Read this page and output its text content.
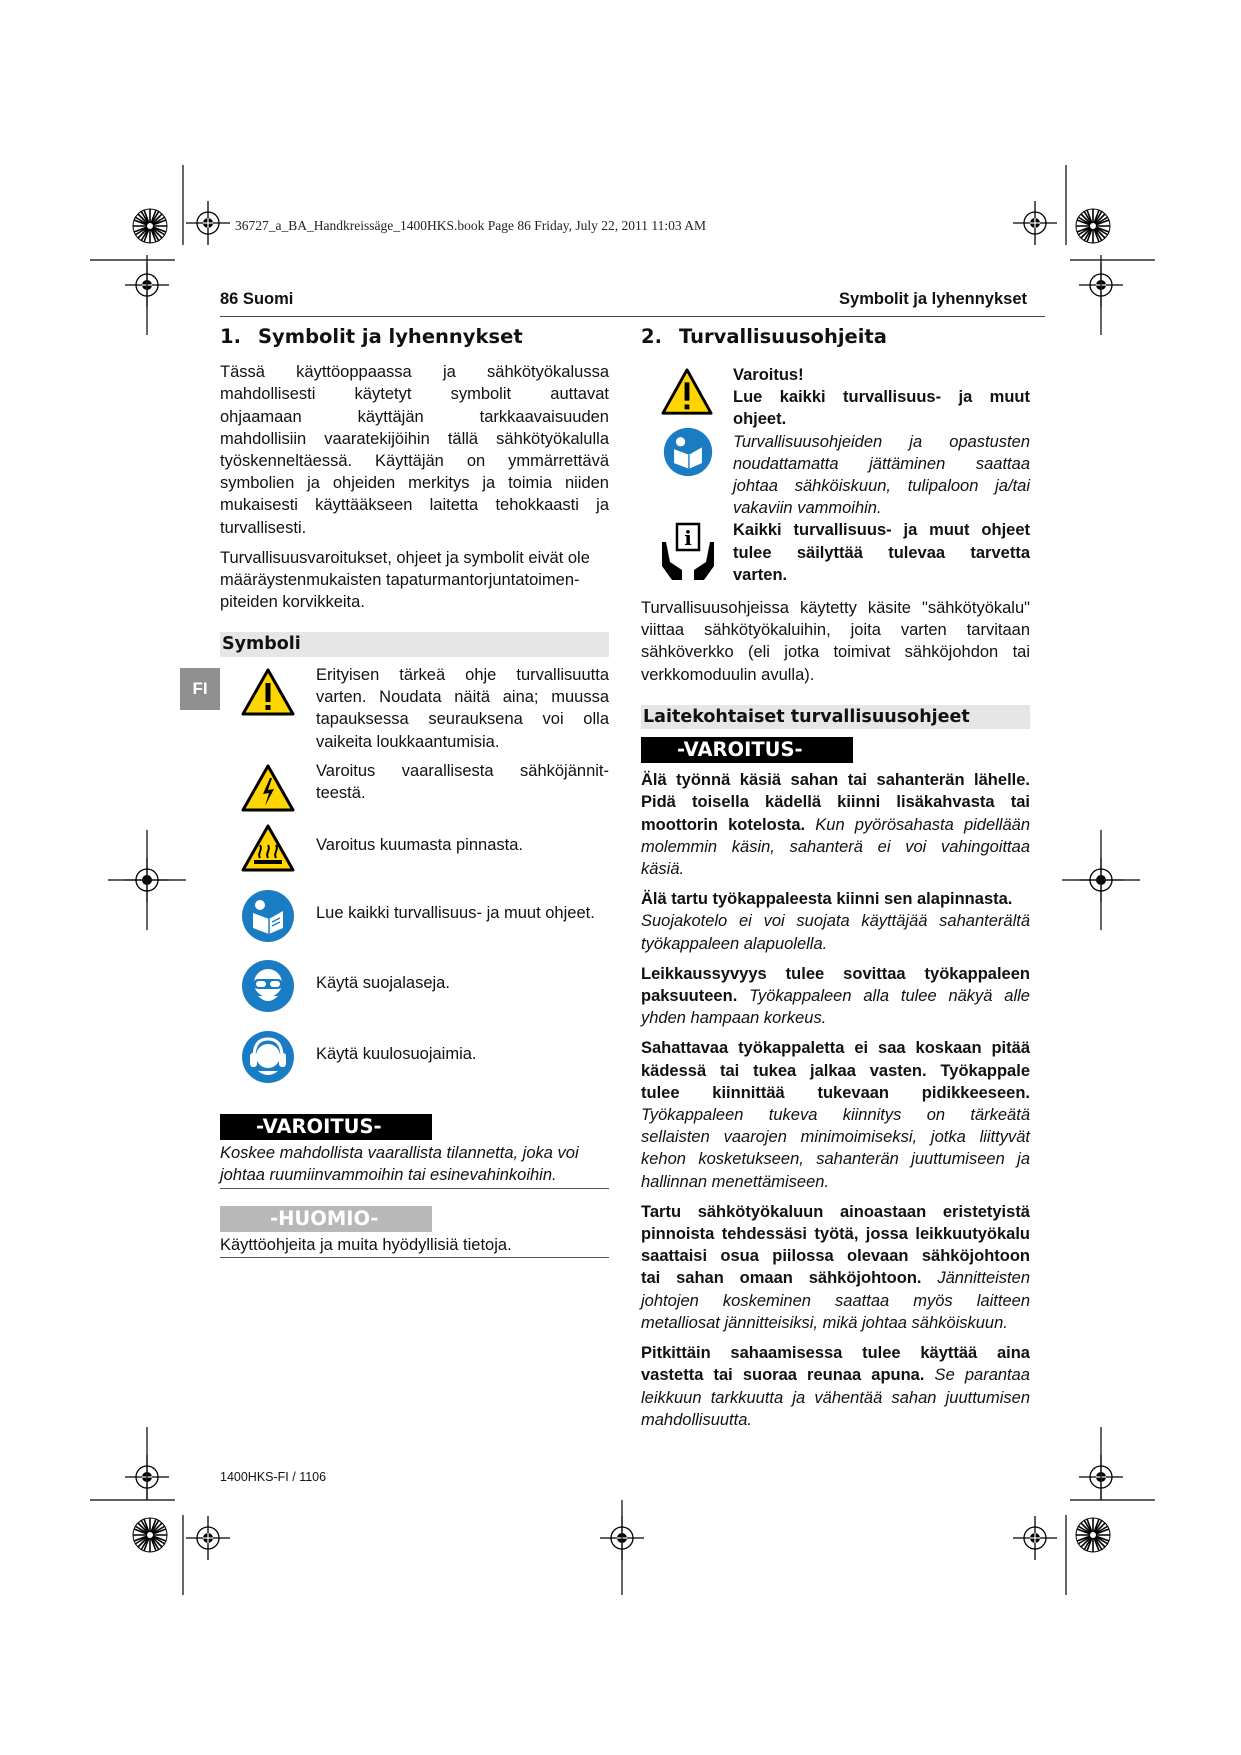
36727_a_BA_Handkreissäge_1400HKS.book Page 86 Friday, July 22, 2011 11:03 AM
86 Suomi	Symbolit ja lyhennykset
FI
1. Symbolit ja lyhennykset
Tässä käyttöoppaassa ja sähkötyökalussa
mahdollisesti käytetyt symbolit auttavat
ohjaamaan käyttäjän tarkkaavaisuuden
mahdollisiin vaaratekijöihin tällä sähkötyökalulla
työskenneltäessä. Käyttäjän on ymmärrettävä
symbolien ja ohjeiden merkitys ja toimia niiden
mukaisesti käyttääkseen laitetta tehokkaasti ja
turvallisesti.
Turvallisuusvaroitukset, ohjeet ja symbolit eivät ole
määräystenmukaisten tapaturmantorjuntatoimen-
piteiden korvikkeita.
Symboli
Erityisen tärkeä ohje turvallisuutta
varten. Noudata näitä aina; muussa
tapauksessa seurauksena voi olla
vaikeita loukkaantumisia.
Varoitus vaarallisesta sähköjännit-
teestä.
Varoitus kuumasta pinnasta.
Lue kaikki turvallisuus- ja muut ohjeet.
Käytä suojalaseja.
Käytä kuulosuojaimia.
-VAROITUS-
Koskee mahdollista vaarallista tilannetta, joka voi
johtaa ruumiinvammoihin tai esinevahinkoihin.
-HUOMIO-
Käyttöohjeita ja muita hyödyllisiä tietoja.
2. Turvallisuusohjeita
i
Varoitus!
Lue kaikki turvallisuus- ja muut
ohjeet.
Turvallisuusohjeiden ja opastusten
noudattamatta jättäminen saattaa
johtaa sähköiskuun, tulipaloon ja/tai
vakaviin vammoihin.
Kaikki turvallisuus- ja muut ohjeet
tulee säilyttää tulevaa tarvetta
varten.
Turvallisuusohjeissa käytetty käsite "sähkötyökalu"
viittaa sähkötyökaluihin, joita varten tarvitaan
sähköverkko (eli jotka toimivat sähköjohdon tai
verkkomoduulin avulla).
Laitekohtaiset turvallisuusohjeet
-VAROITUS-
Älä työnnä käsiä sahan tai sahanterän lähelle.
Pidä toisella kädellä kiinni lisäkahvasta tai
moottorin kotelosta. Kun pyörösahasta pidellään
molemmin käsin, sahanterä ei voi vahingoittaa
käsiä.
Älä tartu työkappaleesta kiinni sen alapinnasta.
Suojakotelo ei voi suojata käyttäjää sahanterältä
työkappaleen alapuolella.
Leikkaussyvyys tulee sovittaa työkappaleen
paksuuteen. Työkappaleen alla tulee näkyä alle
yhden hampaan korkeus.
Sahattavaa työkappaletta ei saa koskaan pitää
kädessä tai tukea jalkaa vasten. Työkappale
tulee kiinnittää tukevaan pidikkeeseen.
Työkappaleen tukeva kiinnitys on tärkeätä
sellaisten vaarojen minimoimiseksi, jotka liittyvät
kehon kosketukseen, sahanterän juuttumiseen ja
hallinnan menettämiseen.
Tartu sähkötyökaluun ainoastaan eristetyistä
pinnoista tehdessäsi työtä, jossa leikkuutyökalu
saattaisi osua piilossa olevaan sähköjohtoon
tai sahan omaan sähköjohtoon. Jännitteisten
johtojen koskeminen saattaa myös laitteen
metalliosat jännitteisiksi, mikä johtaa sähköiskuun.
Pitkittäin sahaamisessa tulee käyttää aina
vastetta tai suoraa reunaa apuna. Se parantaa
leikkuun tarkkuutta ja vähentää sahan juuttumisen
mahdollisuutta.
1400HKS-FI / 1106
